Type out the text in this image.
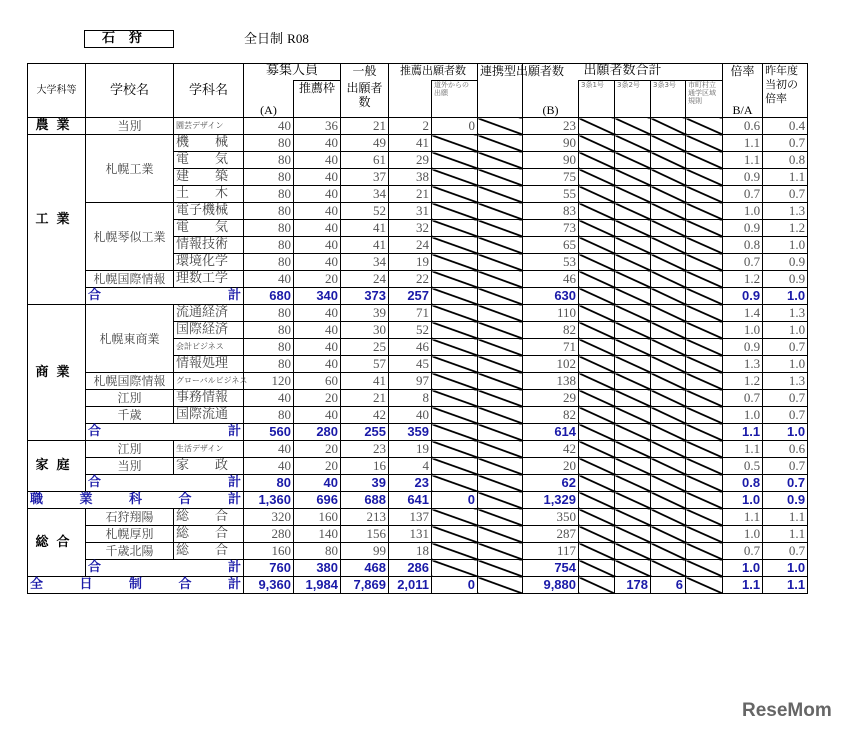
石狩	全日制 R08
大学科等	学校名	学科名	募集人員		一般	推薦出願者数		連携型出願者数	出願者数合計					倍率	昨年度当初の倍率
			(A)	推薦枠	出願者数		道外からの出願		(B)	3条1号	3条2号	3条3号	市町村立通学区域規則	B/A	
農業	当別	園芸デザイン	40	36	21	2	0		23					0.6	0.4
工業	札幌工業	機　　械	80	40	49	41			90					1.1	0.7
		電　　気	80	40	61	29			90					1.1	0.8
		建　　築	80	40	37	38			75					0.9	1.1
		土　　木	80	40	34	21			55					0.7	0.7
	札幌琴似工業	電子機械	80	40	52	31			83					1.0	1.3
		電　　気	80	40	41	32			73					0.9	1.2
		情報技術	80	40	41	24			65					0.8	1.0
		環境化学	80	40	34	19			53					0.7	0.9
	札幌国際情報	理数工学	40	20	24	22			46					1.2	0.9

	合 計		680	340	373	257			630					0.9	1.0
商業	札幌東商業	流通経済	80	40	39	71			110					1.4	1.3
		国際経済	80	40	30	52			82					1.0	1.0
		会計ビジネス	80	40	25	46			71					0.9	0.7
		情報処理	80	40	57	45			102					1.3	1.0
	札幌国際情報	グローバルビジネス	120	60	41	97			138					1.2	1.3
	江別	事務情報	40	20	21	8			29					0.7	0.7
	千歳	国際流通	80	40	42	40			82					1.0	0.7

	合 計		560	280	255	359			614					1.1	1.0
家庭	江別	生活デザイン	40	20	23	19			42					1.1	0.6
	当別	家　　政	40	20	16	4			20					0.5	0.7

	合 計		80	40	39	23			62					0.8	0.7

職 業 科 合 計			1,360	696	688	641	0		1,329					1.0	0.9
総合	石狩翔陽	総　　合	320	160	213	137			350					1.1	1.1
	札幌厚別	総　　合	280	140	156	131			287					1.0	1.1
	千歳北陽	総　　合	160	80	99	18			117					0.7	0.7

	合 計		760	380	468	286			754					1.0	1.0

全 日 制 合 計			9,360	1,984	7,869	2,011	0		9,880		178	6		1.1	1.1
ReseMom
